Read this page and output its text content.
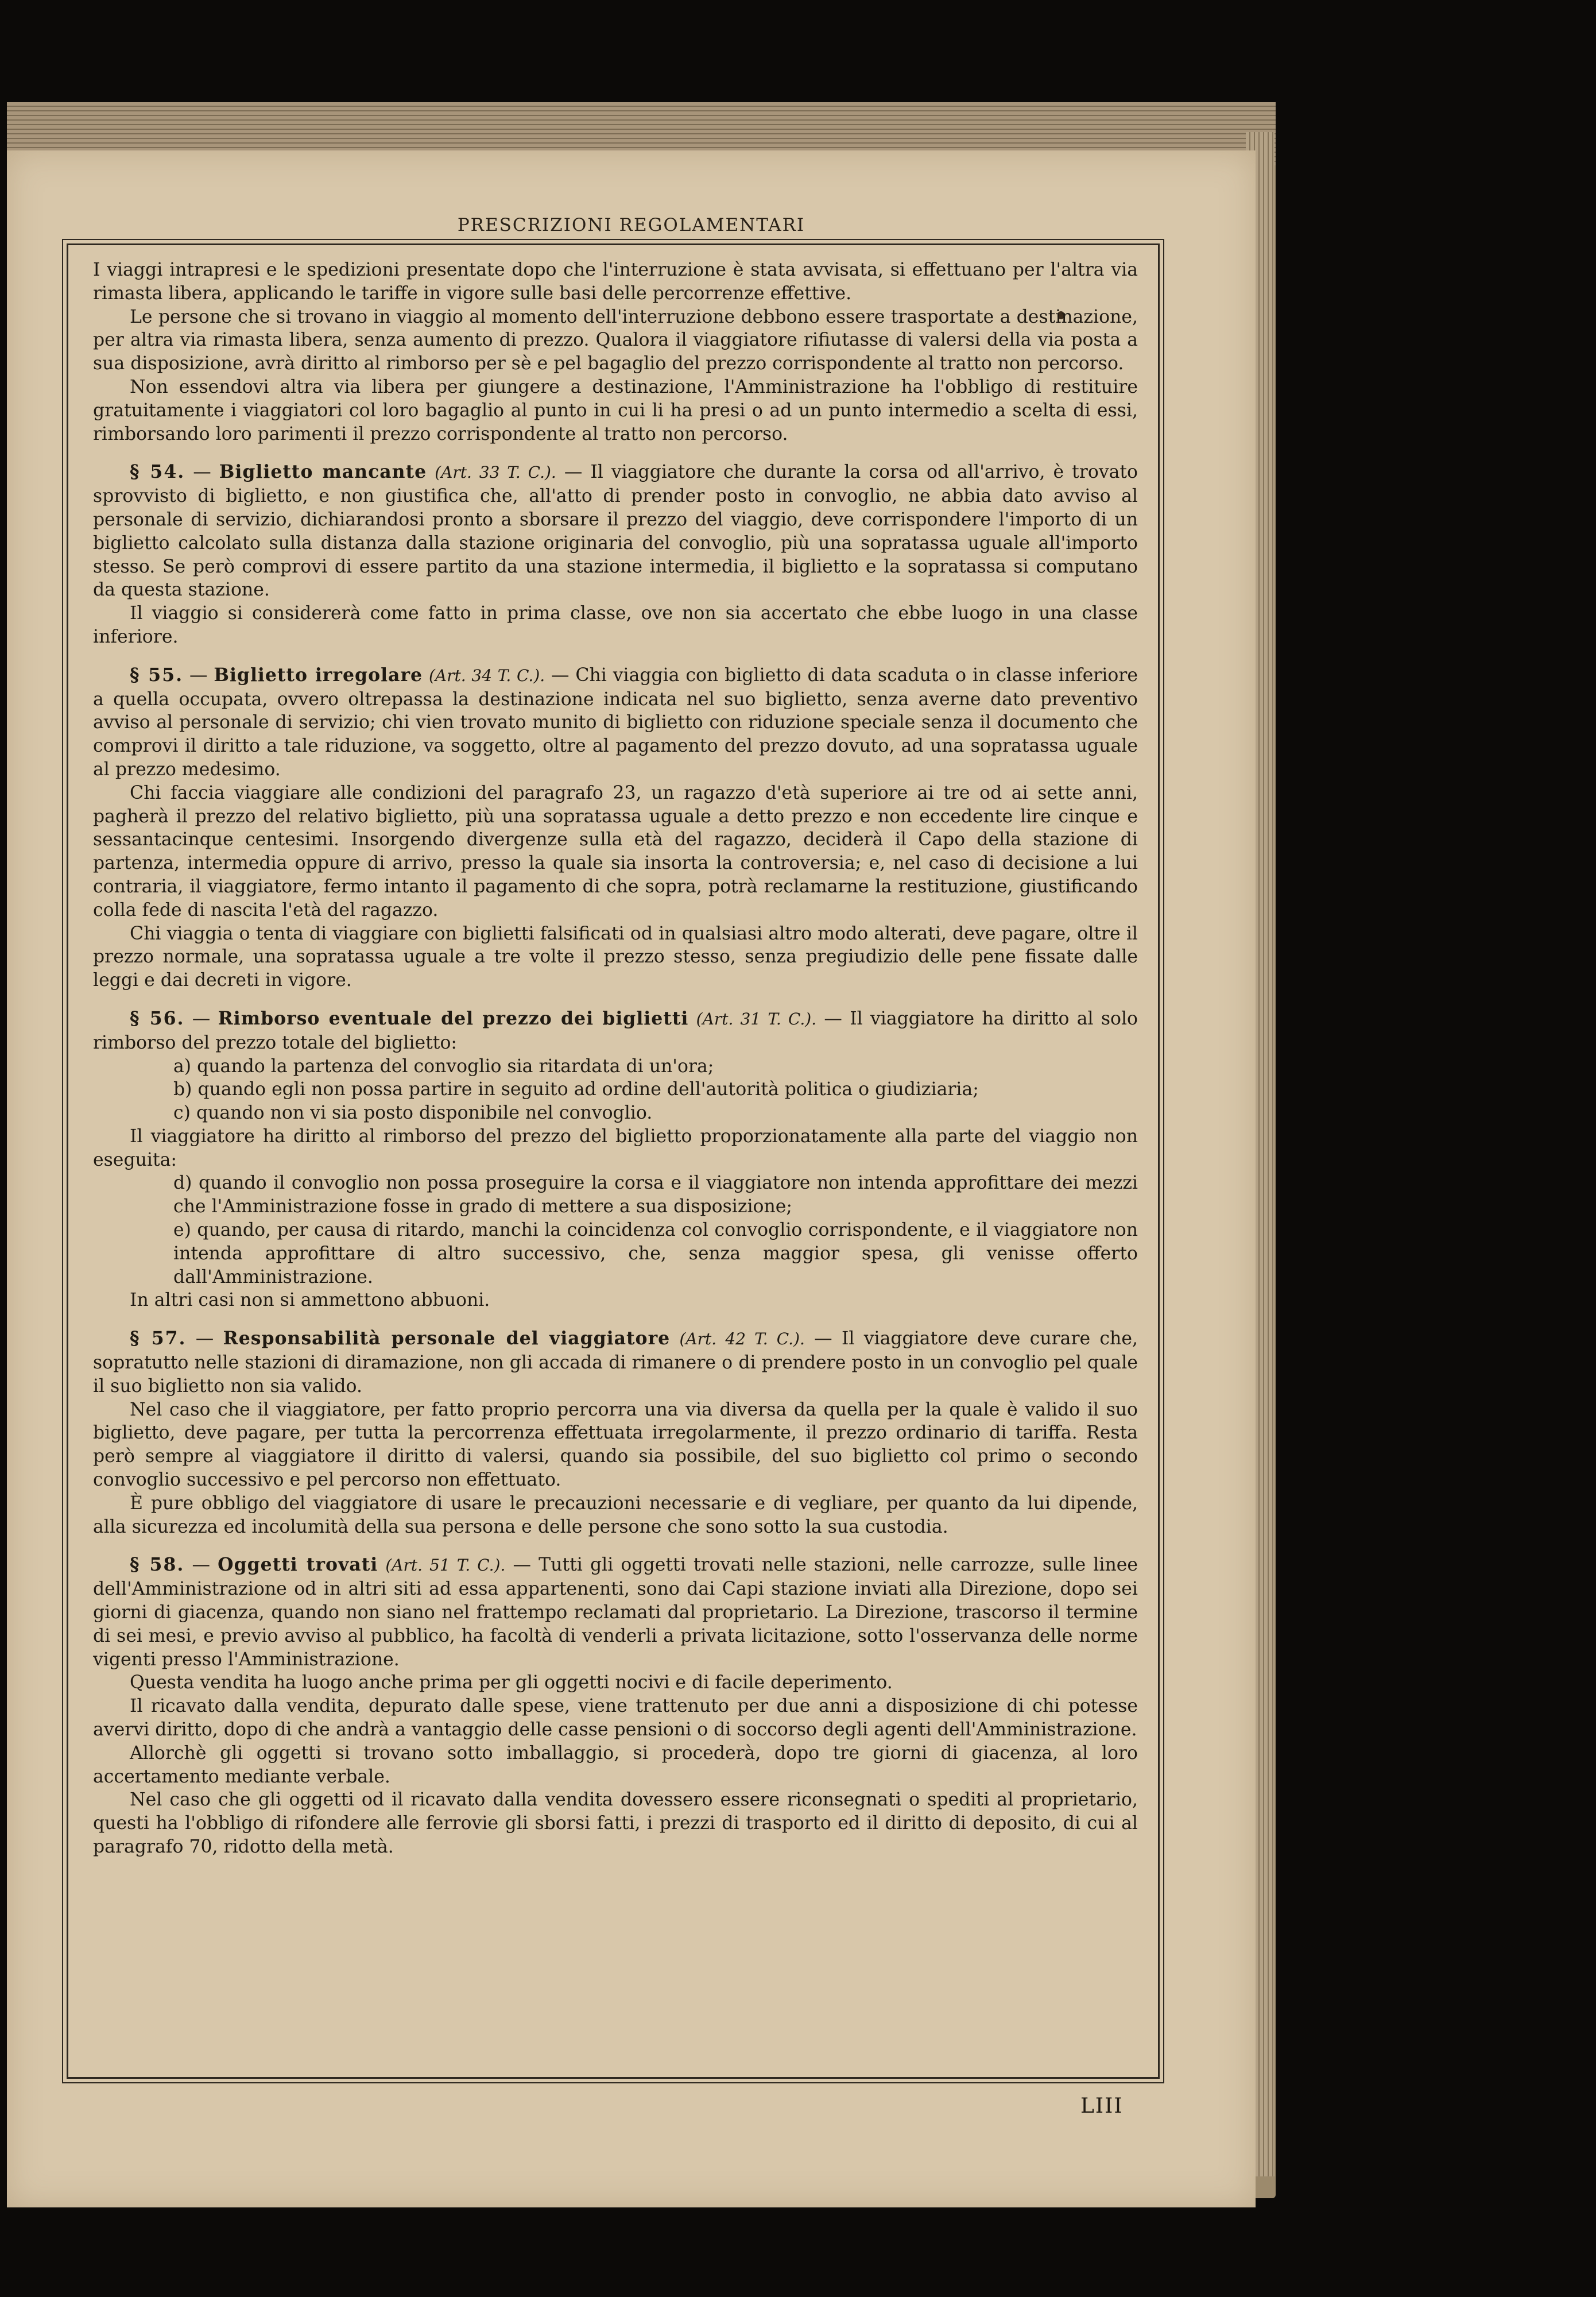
PRESCRIZIONI REGOLAMENTARI

I viaggi intrapresi e le spedizioni presentate dopo che l'interruzione è stata avvisata, si effettuano per l'altra via rimasta libera, applicando le tariffe in vigore sulle basi delle percorrenze effettive.

Le persone che si trovano in viaggio al momento dell'interruzione debbono essere trasportate a destinazione, per altra via rimasta libera, senza aumento di prezzo. Qualora il viaggiatore rifiutasse di valersi della via posta a sua disposizione, avrà diritto al rimborso per sè e pel bagaglio del prezzo corrispondente al tratto non percorso.

Non essendovi altra via libera per giungere a destinazione, l'Amministrazione ha l'obbligo di restituire gratuitamente i viaggiatori col loro bagaglio al punto in cui li ha presi o ad un punto intermedio a scelta di essi, rimborsando loro parimenti il prezzo corrispondente al tratto non percorso.

§ 54. — Biglietto mancante (Art. 33 T. C.). — Il viaggiatore che durante la corsa od all'arrivo, è trovato sprovvisto di biglietto, e non giustifica che, all'atto di prender posto in convoglio, ne abbia dato avviso al personale di servizio, dichiarandosi pronto a sborsare il prezzo del viaggio, deve corrispondere l'importo di un biglietto calcolato sulla distanza dalla stazione originaria del convoglio, più una sopratassa uguale all'importo stesso. Se però comprovi di essere partito da una stazione intermedia, il biglietto e la sopratassa si computano da questa stazione.

Il viaggio si considererà come fatto in prima classe, ove non sia accertato che ebbe luogo in una classe inferiore.

§ 55. — Biglietto irregolare (Art. 34 T. C.). — Chi viaggia con biglietto di data scaduta o in classe inferiore a quella occupata, ovvero oltrepassa la destinazione indicata nel suo biglietto, senza averne dato preventivo avviso al personale di servizio; chi vien trovato munito di biglietto con riduzione speciale senza il documento che comprovi il diritto a tale riduzione, va soggetto, oltre al pagamento del prezzo dovuto, ad una sopratassa uguale al prezzo medesimo.

Chi faccia viaggiare alle condizioni del paragrafo 23, un ragazzo d'età superiore ai tre od ai sette anni, pagherà il prezzo del relativo biglietto, più una sopratassa uguale a detto prezzo e non eccedente lire cinque e sessantacinque centesimi. Insorgendo divergenze sulla età del ragazzo, deciderà il Capo della stazione di partenza, intermedia oppure di arrivo, presso la quale sia insorta la controversia; e, nel caso di decisione a lui contraria, il viaggiatore, fermo intanto il pagamento di che sopra, potrà reclamarne la restituzione, giustificando colla fede di nascita l'età del ragazzo.

Chi viaggia o tenta di viaggiare con biglietti falsificati od in qualsiasi altro modo alterati, deve pagare, oltre il prezzo normale, una sopratassa uguale a tre volte il prezzo stesso, senza pregiudizio delle pene fissate dalle leggi e dai decreti in vigore.

§ 56. — Rimborso eventuale del prezzo dei biglietti (Art. 31 T. C.). — Il viaggiatore ha diritto al solo rimborso del prezzo totale del biglietto:

a) quando la partenza del convoglio sia ritardata di un'ora;

b) quando egli non possa partire in seguito ad ordine dell'autorità politica o giudiziaria;

c) quando non vi sia posto disponibile nel convoglio.

Il viaggiatore ha diritto al rimborso del prezzo del biglietto proporzionatamente alla parte del viaggio non eseguita:

d) quando il convoglio non possa proseguire la corsa e il viaggiatore non intenda approfittare dei mezzi che l'Amministrazione fosse in grado di mettere a sua disposizione;

e) quando, per causa di ritardo, manchi la coincidenza col convoglio corrispondente, e il viaggiatore non intenda approfittare di altro successivo, che, senza maggior spesa, gli venisse offerto dall'Amministrazione.

In altri casi non si ammettono abbuoni.

§ 57. — Responsabilità personale del viaggiatore (Art. 42 T. C.). — Il viaggiatore deve curare che, sopratutto nelle stazioni di diramazione, non gli accada di rimanere o di prendere posto in un convoglio pel quale il suo biglietto non sia valido.

Nel caso che il viaggiatore, per fatto proprio percorra una via diversa da quella per la quale è valido il suo biglietto, deve pagare, per tutta la percorrenza effettuata irregolarmente, il prezzo ordinario di tariffa. Resta però sempre al viaggiatore il diritto di valersi, quando sia possibile, del suo biglietto col primo o secondo convoglio successivo e pel percorso non effettuato.

È pure obbligo del viaggiatore di usare le precauzioni necessarie e di vegliare, per quanto da lui dipende, alla sicurezza ed incolumità della sua persona e delle persone che sono sotto la sua custodia.

§ 58. — Oggetti trovati (Art. 51 T. C.). — Tutti gli oggetti trovati nelle stazioni, nelle carrozze, sulle linee dell'Amministrazione od in altri siti ad essa appartenenti, sono dai Capi stazione inviati alla Direzione, dopo sei giorni di giacenza, quando non siano nel frattempo reclamati dal proprietario. La Direzione, trascorso il termine di sei mesi, e previo avviso al pubblico, ha facoltà di venderli a privata licitazione, sotto l'osservanza delle norme vigenti presso l'Amministrazione.

Questa vendita ha luogo anche prima per gli oggetti nocivi e di facile deperimento.

Il ricavato dalla vendita, depurato dalle spese, viene trattenuto per due anni a disposizione di chi potesse avervi diritto, dopo di che andrà a vantaggio delle casse pensioni o di soccorso degli agenti dell'Amministrazione.

Allorchè gli oggetti si trovano sotto imballaggio, si procederà, dopo tre giorni di giacenza, al loro accertamento mediante verbale.

Nel caso che gli oggetti od il ricavato dalla vendita dovessero essere riconsegnati o spediti al proprietario, questi ha l'obbligo di rifondere alle ferrovie gli sborsi fatti, i prezzi di trasporto ed il diritto di deposito, di cui al paragrafo 70, ridotto della metà.

LIII
